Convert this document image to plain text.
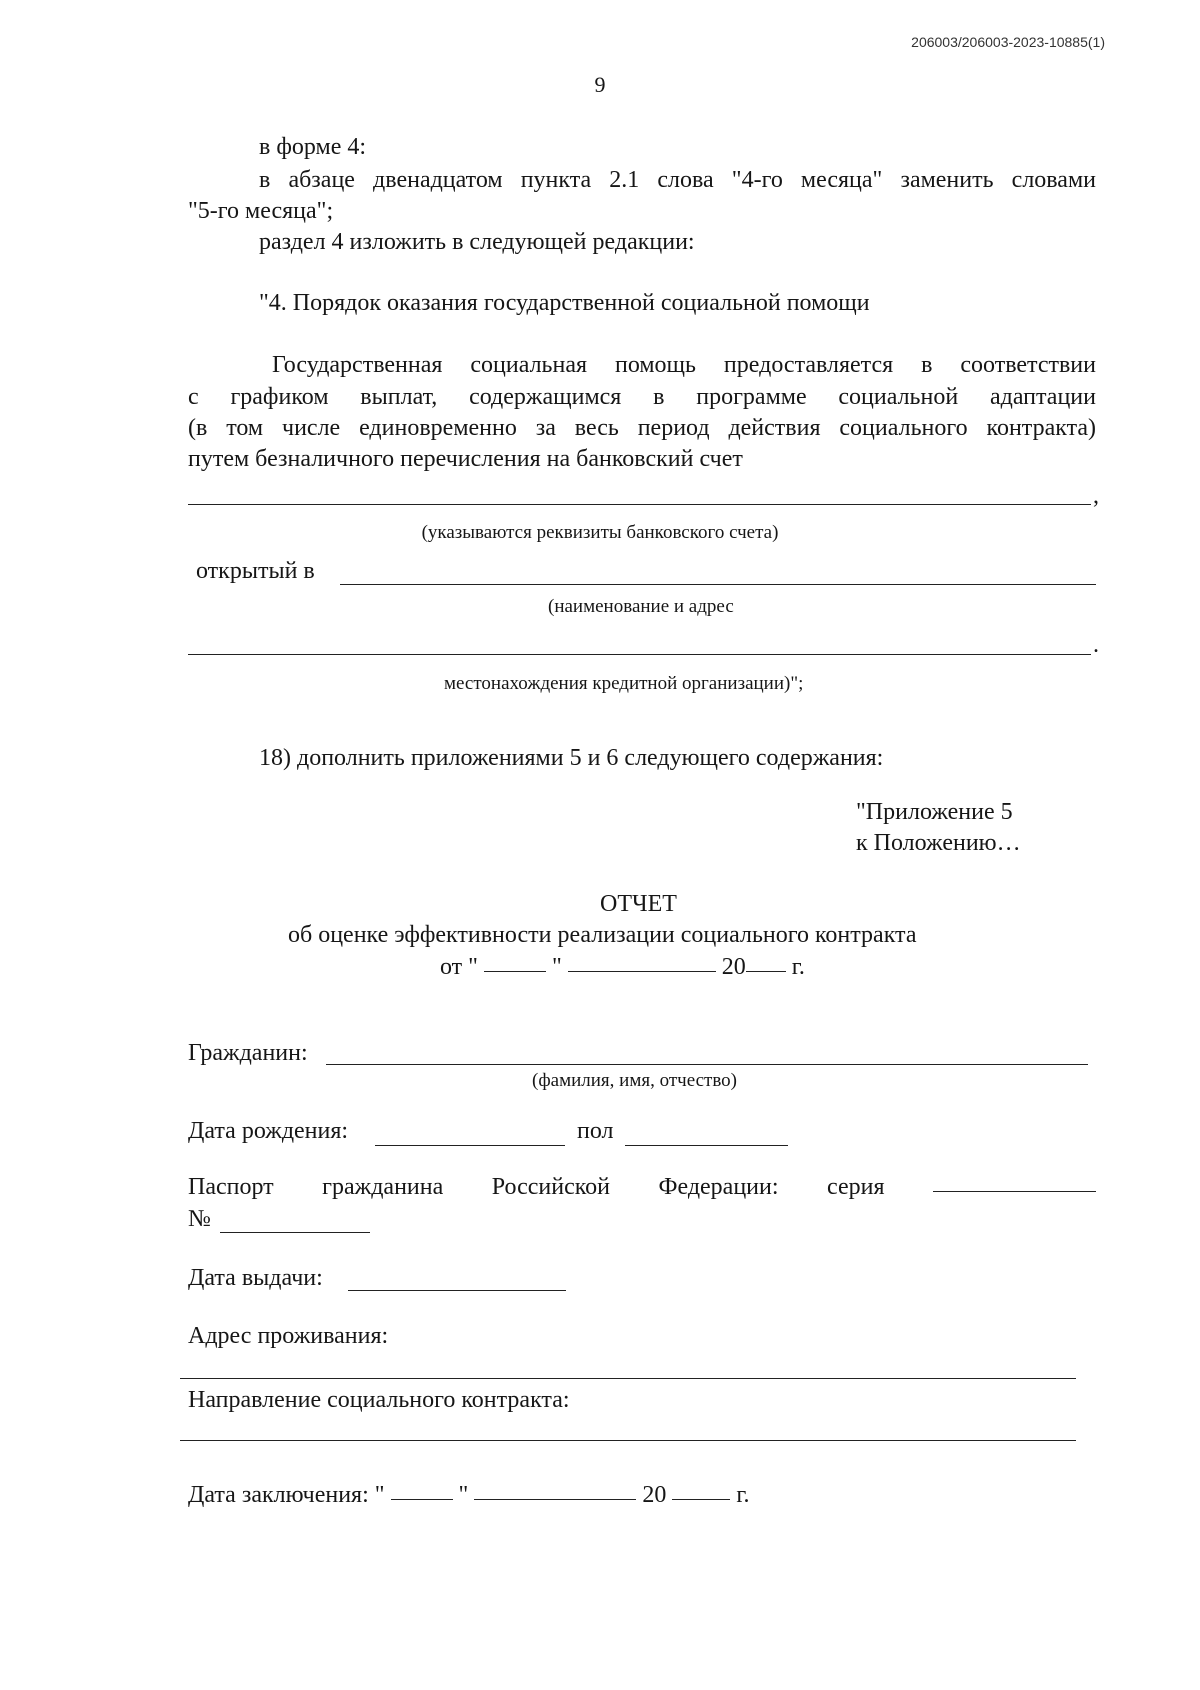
206003/206003-2023-10885(1)
9
в форме 4:
в абзаце двенадцатом пункта 2.1 слова "4-го месяца" заменить словами
"5-го месяца";
раздел 4 изложить в следующей редакции:
"4. Порядок оказания государственной социальной помощи
Государственная социальная помощь предоставляется в соответствии
с графиком выплат, содержащимся в программе социальной адаптации
(в том числе единовременно за весь период действия социального контракта)
путем безналичного перечисления на банковский счет
,
(указываются реквизиты банковского счета)
открытый в
(наименование и адрес
.
местонахождения кредитной организации)";
18) дополнить приложениями 5 и 6 следующего содержания:
"Приложение 5
к Положению…
ОТЧЕТ
об оценке эффективности реализации социального контракта
от "	"	20 г.
Гражданин:
(фамилия, имя, отчество)
Дата рождения:	пол
Паспорт гражданина Российской Федерации: серия
№
Дата выдачи:
Адрес проживания:
Направление социального контракта:
Дата заключения: "	"	20	г.
